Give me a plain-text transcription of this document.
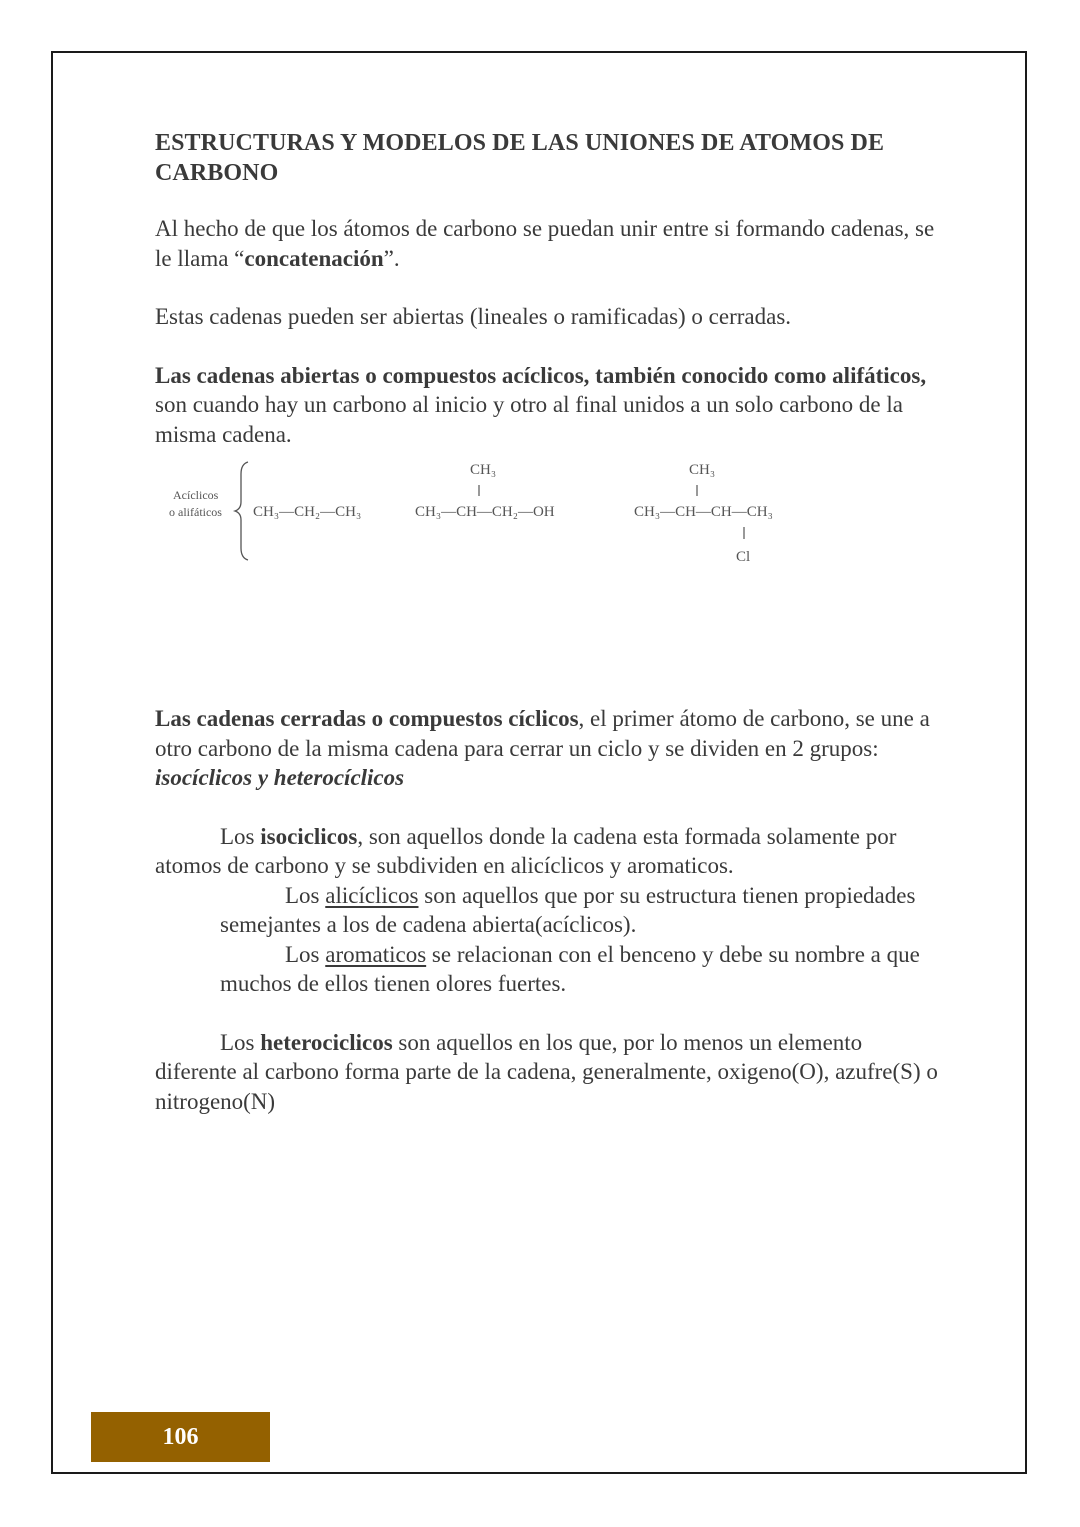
ESTRUCTURAS Y MODELOS DE LAS UNIONES DE ATOMOS DE CARBONO

Al hecho de que los átomos de carbono se puedan unir entre si formando cadenas, se le llama “concatenación”.

Estas cadenas pueden ser abiertas (lineales o ramificadas) o cerradas.

Las cadenas abiertas o compuestos acíclicos, también conocido como alifáticos, son cuando hay un carbono al inicio y otro al final unidos a un solo carbono de la misma cadena.

Acíclicos
o alifáticos CH₃—CH₂—CH₃
CH₃
CH₃—CH—CH₂—OH
CH₃
CH₃—CH—CH—CH₃
Cl

Las cadenas cerradas o compuestos cíclicos, el primer átomo de carbono, se une a otro carbono de la misma cadena para cerrar un ciclo y se dividen en 2 grupos: isocíclicos y heterocíclicos

Los isociclicos, son aquellos donde la cadena esta formada solamente por atomos de carbono y se subdividen en alicíclicos y aromaticos.

Los alicíclicos son aquellos que por su estructura tienen propiedades semejantes a los de cadena abierta(acíclicos).

Los aromaticos se relacionan con el benceno y debe su nombre a que muchos de ellos tienen olores fuertes.

Los heterociclicos son aquellos en los que, por lo menos un elemento diferente al carbono forma parte de la cadena, generalmente, oxigeno(O), azufre(S) o nitrogeno(N)

106
